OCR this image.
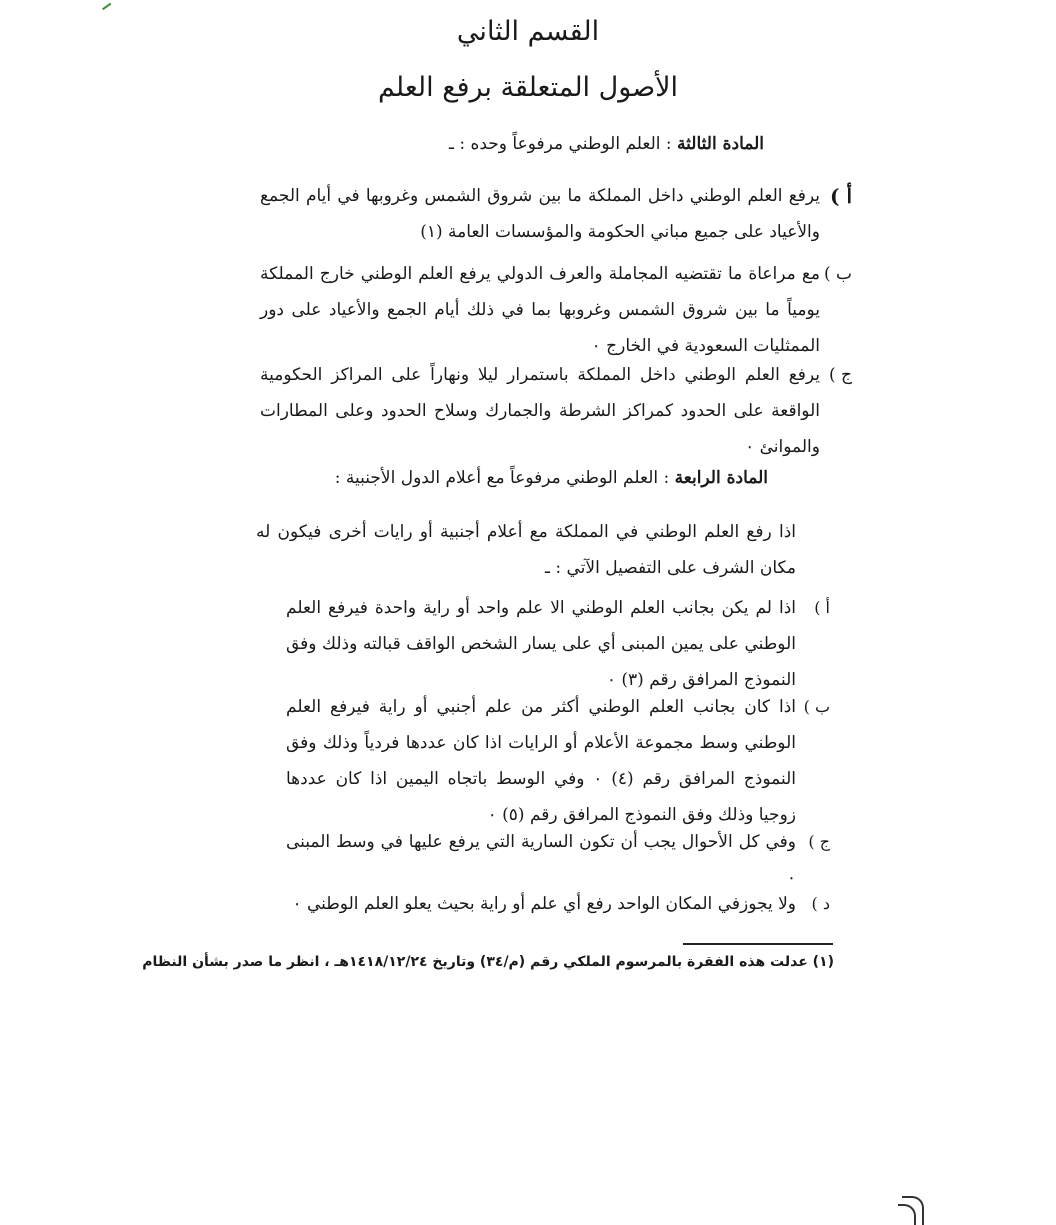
القسم الثاني
الأصول المتعلقة برفع العلم
المادة الثالثة : العلم الوطني مرفوعاً وحده : ـ
أ )
يرفع العلم الوطني داخل المملكة ما بين شروق الشمس وغروبها في أيام الجمع والأعياد على جميع مباني الحكومة والمؤسسات العامة (١)
ب )
مع مراعاة ما تقتضيه المجاملة والعرف الدولي يرفع العلم الوطني خارج المملكة يومياً ما بين شروق الشمس وغروبها بما في ذلك أيام الجمع والأعياد على دور الممثليات السعودية في الخارج ٠
ج )
يرفع العلم الوطني داخل المملكة باستمرار ليلا ونهاراً على المراكز الحكومية الواقعة على الحدود كمراكز الشرطة والجمارك وسلاح الحدود وعلى المطارات والموانئ ٠
المادة الرابعة : العلم الوطني مرفوعاً مع أعلام الدول الأجنبية :
اذا رفع العلم الوطني في المملكة مع أعلام أجنبية أو رايات أخرى فيكون له مكان الشرف على التفصيل الآتي : ـ
أ )
اذا لم يكن بجانب العلم الوطني الا علم واحد أو راية واحدة فيرفع العلم الوطني على يمين المبنى أي على يسار الشخص الواقف قبالته وذلك وفق النموذج المرافق رقم (٣) ٠
ب )
اذا كان بجانب العلم الوطني أكثر من علم أجنبي أو راية فيرفع العلم الوطني وسط مجموعة الأعلام أو الرايات اذا كان عددها فردياً وذلك وفق النموذج المرافق رقم (٤) ٠ وفي الوسط باتجاه اليمين اذا كان عددها زوجيا وذلك وفق النموذج المرافق رقم (٥) ٠
ج )
وفي كل الأحوال يجب أن تكون السارية التي يرفع عليها في وسط المبنى ٠
د )
ولا يجوزفي المكان الواحد رفع أي علم أو راية بحيث يعلو العلم الوطني ٠
(١) عدلت هذه الفقرة بالمرسوم الملكي رقم (م/٣٤) وتاريخ ١٤١٨/١٢/٢٤هـ ، انظر ما صدر بشأن النظام
